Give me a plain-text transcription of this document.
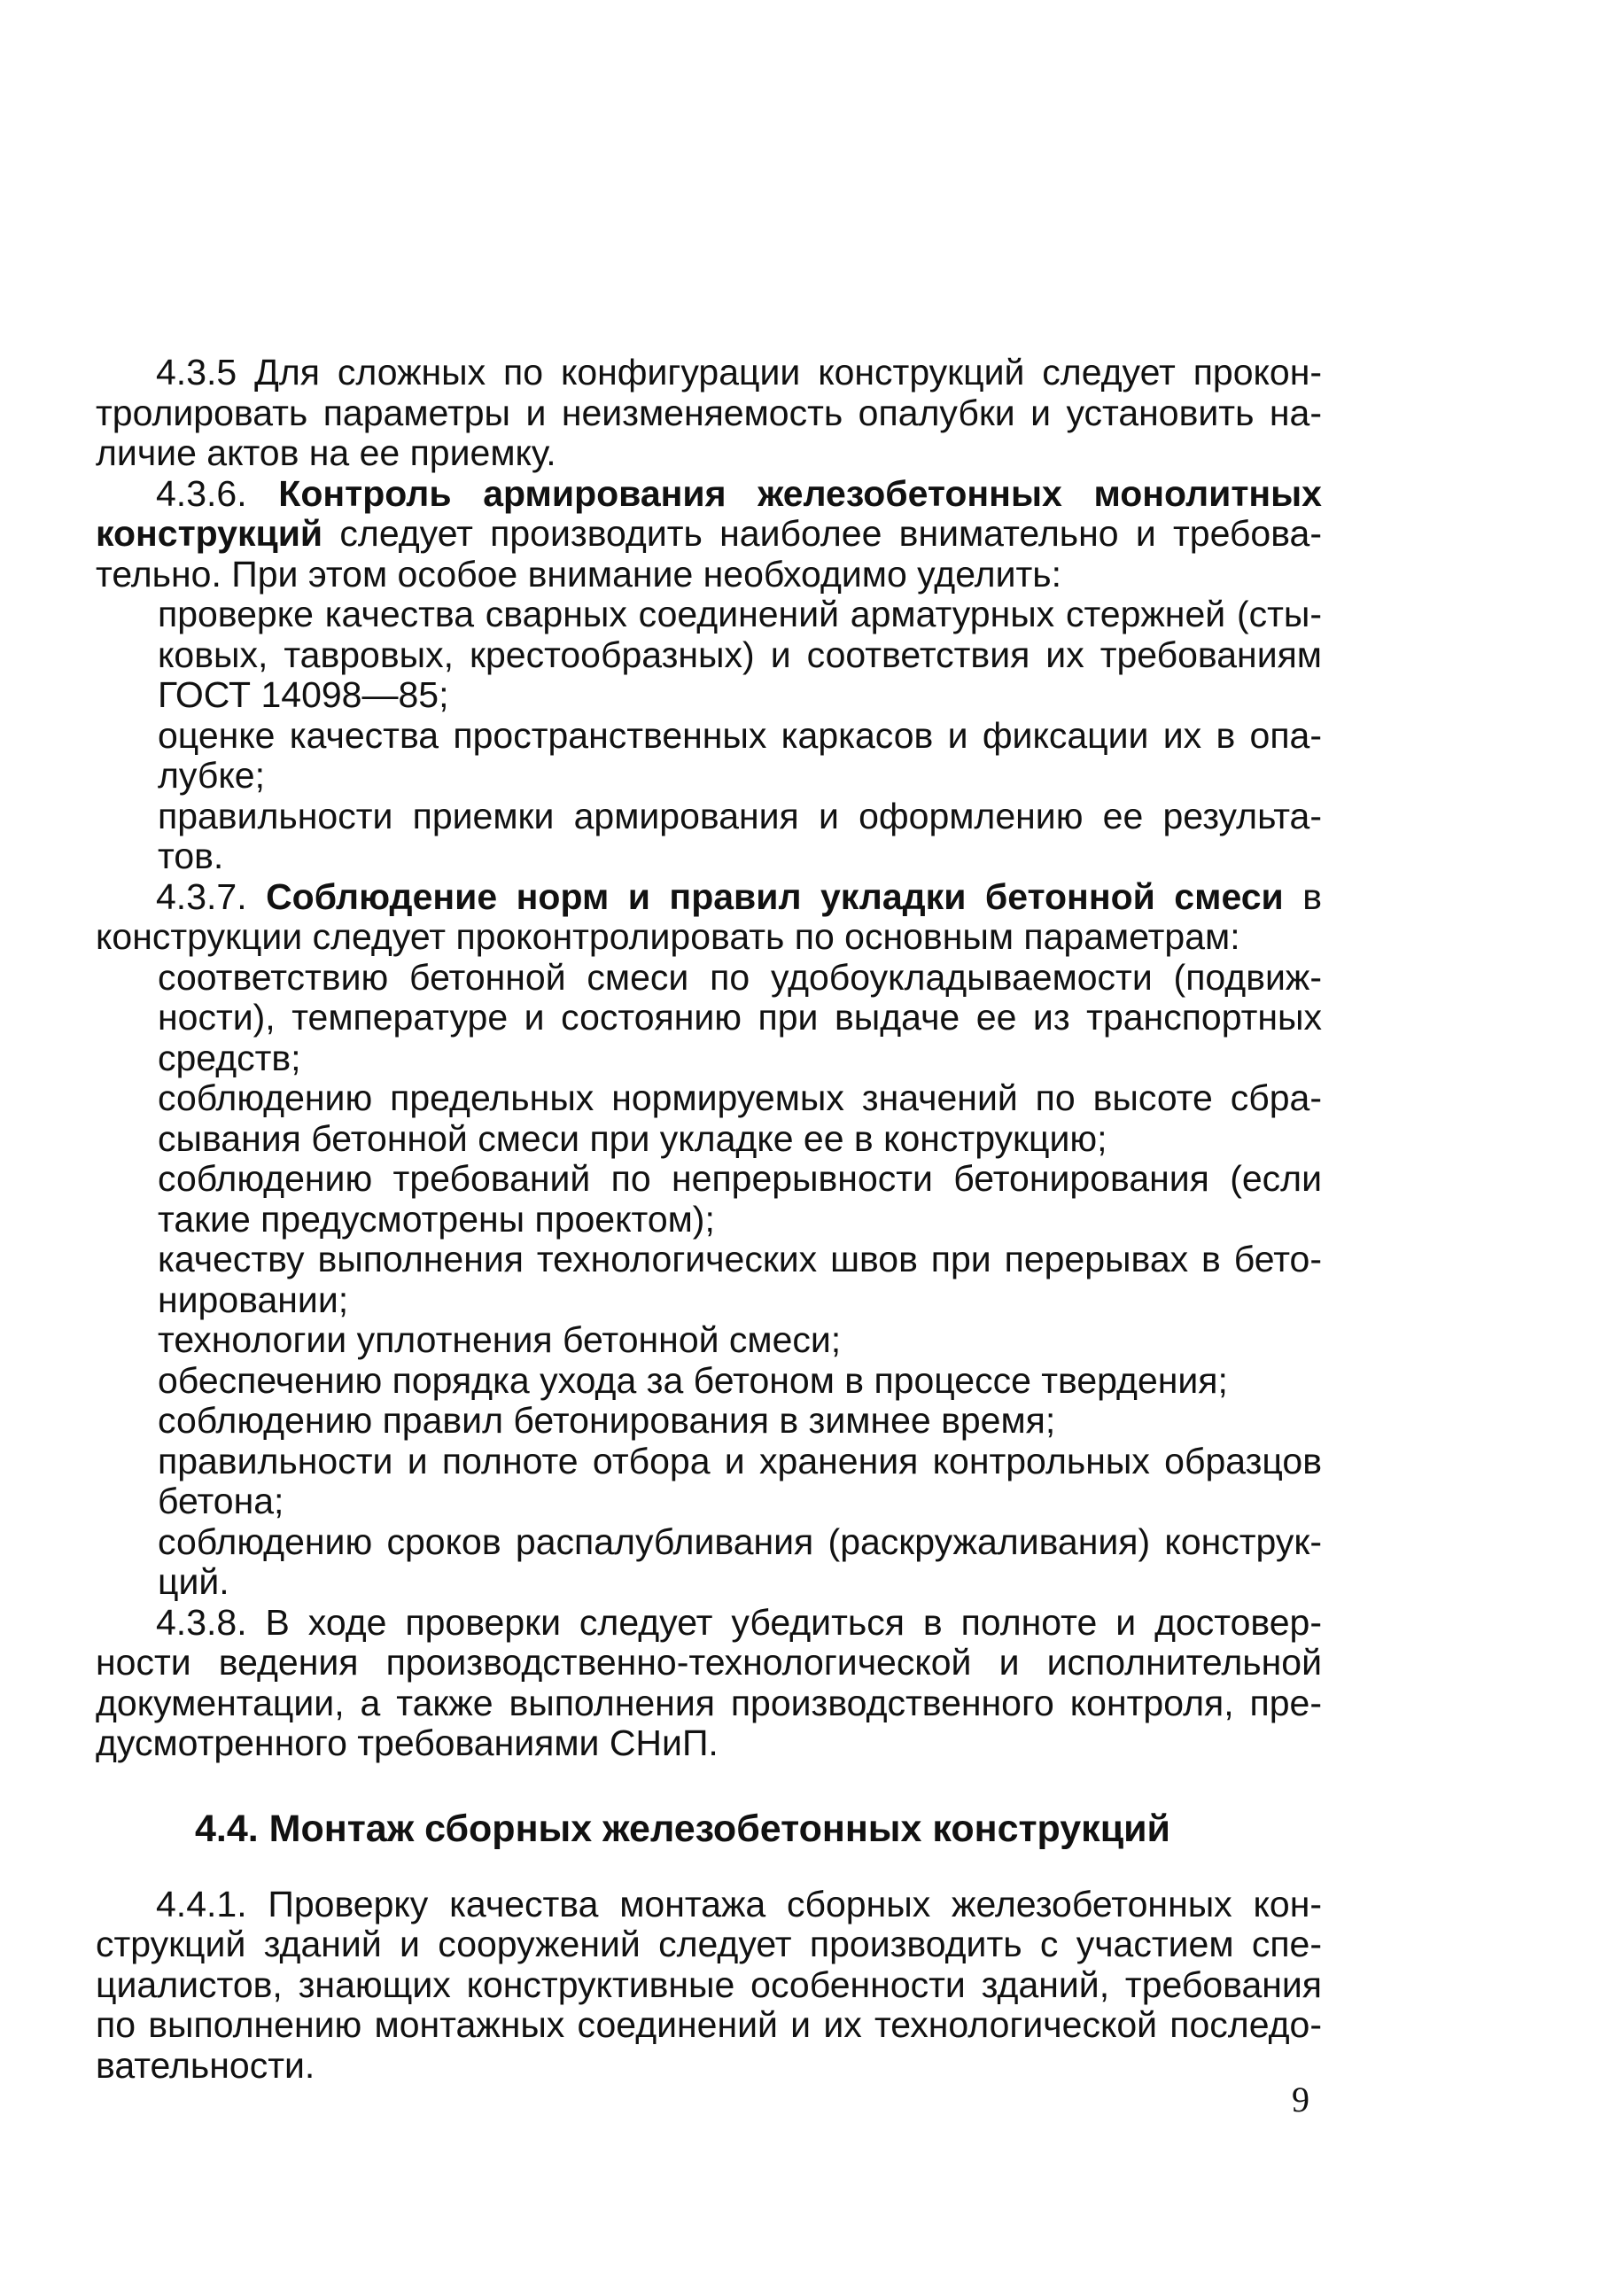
4.3.5 Для сложных по конфигурации конструкций следует прокон-
тролировать параметры и неизменяемость опалубки и установить на-
личие актов на ее приемку.
4.3.6. Контроль армирования железобетонных монолитных
конструкций следует производить наиболее внимательно и требова-
тельно. При этом особое внимание необходимо уделить:
проверке качества сварных соединений арматурных стержней (сты-
ковых, тавровых, крестообразных) и соответствия их требованиям
ГОСТ 14098—85;
оценке качества пространственных каркасов и фиксации их в опа-
лубке;
правильности приемки армирования и оформлению ее результа-
тов.
4.3.7. Соблюдение норм и правил укладки бетонной смеси в
конструкции следует проконтролировать по основным параметрам:
соответствию бетонной смеси по удобоукладываемости (подвиж-
ности), температуре и состоянию при выдаче ее из транспортных
средств;
соблюдению предельных нормируемых значений по высоте сбра-
сывания бетонной смеси при укладке ее в конструкцию;
соблюдению требований по непрерывности бетонирования (если
такие предусмотрены проектом);
качеству выполнения технологических швов при перерывах в бето-
нировании;
технологии уплотнения бетонной смеси;
обеспечению порядка ухода за бетоном в процессе твердения;
соблюдению правил бетонирования в зимнее время;
правильности и полноте отбора и хранения контрольных образцов
бетона;
соблюдению сроков распалубливания (раскружаливания) конструк-
ций.
4.3.8. В ходе проверки следует убедиться в полноте и достовер-
ности ведения производственно-технологической и исполнительной
документации, а также выполнения производственного контроля, пре-
дусмотренного требованиями СНиП.
4.4. Монтаж сборных железобетонных конструкций
4.4.1. Проверку качества монтажа сборных железобетонных кон-
струкций зданий и сооружений следует производить с участием спе-
циалистов, знающих конструктивные особенности зданий, требования
по выполнению монтажных соединений и их технологической последо-
вательности.
9
